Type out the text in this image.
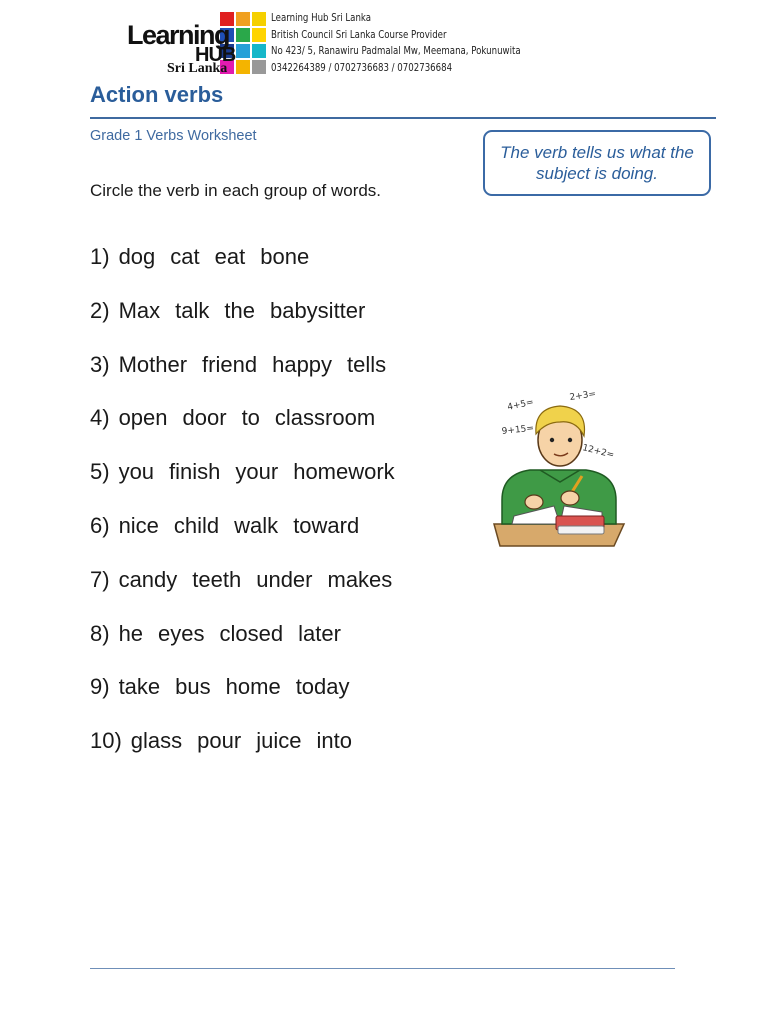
Learning
HUB
Sri Lanka
Learning Hub Sri Lanka
British Council Sri Lanka Course Provider
No 423/ 5, Ranawiru Padmalal Mw, Meemana, Pokunuwita
0342264389 / 0702736683 / 0702736684
Action verbs
Grade 1 Verbs Worksheet
The verb tells us what the subject is doing.
Circle the verb in each group of words.
1) dog cat eat bone
2) Max talk the babysitter
3) Mother friend happy tells
4) open door to classroom
5) you finish your homework
6) nice child walk toward
7) candy teeth under makes
8) he eyes closed later
9) take bus home today
10) glass pour juice into
4+5=
2+3=
9+15=
12+2=
